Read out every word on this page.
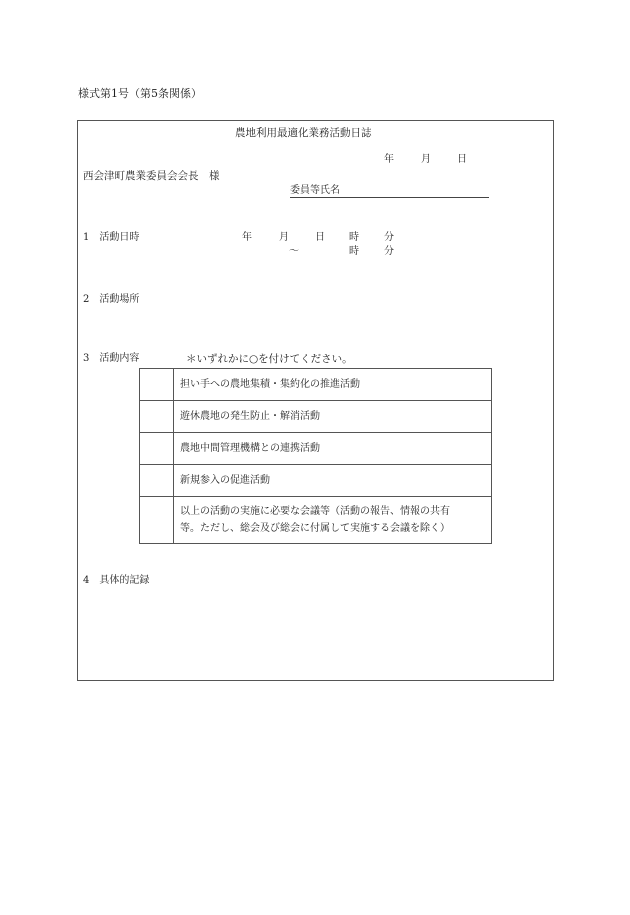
様式第1号（第5条関係）
農地利用最適化業務活動日誌
年	月	日
西会津町農業委員会会長　様
委員等氏名
1　活動日時	年	月	日 時	分
～	時	分
2　活動場所
3　活動内容	＊いずれかに○を付けてください。
	担い手への農地集積・集約化の推進活動
	遊休農地の発生防止・解消活動
	農地中間管理機構との連携活動
	新規参入の促進活動
	以上の活動の実施に必要な会議等（活動の報告、情報の共有
等。ただし、総会及び総会に付属して実施する会議を除く）
4　具体的記録
